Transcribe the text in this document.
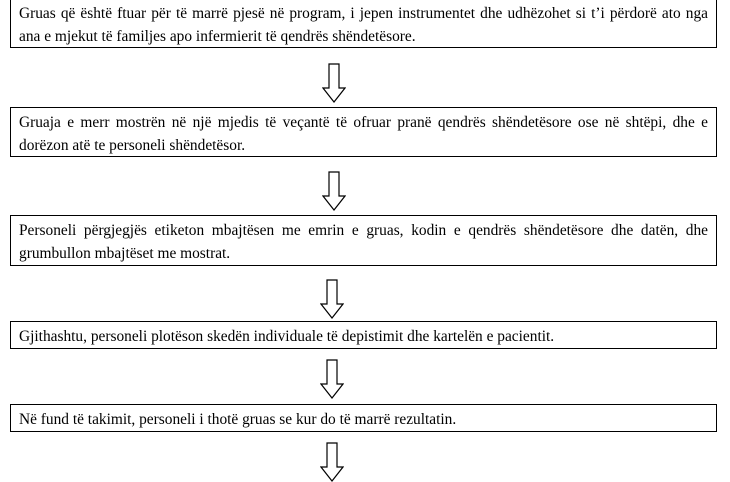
Gruas që është ftuar për të marrë pjesë në program, i jepen instrumentet dhe udhëzohet si t’i përdorë ato nga ana e mjekut të familjes apo infermierit të qendrës shëndetësore.
Gruaja e merr mostrën në një mjedis të veçantë të ofruar pranë qendrës shëndetësore ose në shtëpi, dhe e dorëzon atë te personeli shëndetësor.
Personeli përgjegjës etiketon mbajtësen me emrin e gruas, kodin e qendrës shëndetësore dhe datën, dhe grumbullon mbajtëset me mostrat.
Gjithashtu, personeli plotëson skedën individuale të depistimit dhe kartelën e pacientit.
Në fund të takimit, personeli i thotë gruas se kur do të marrë rezultatin.
